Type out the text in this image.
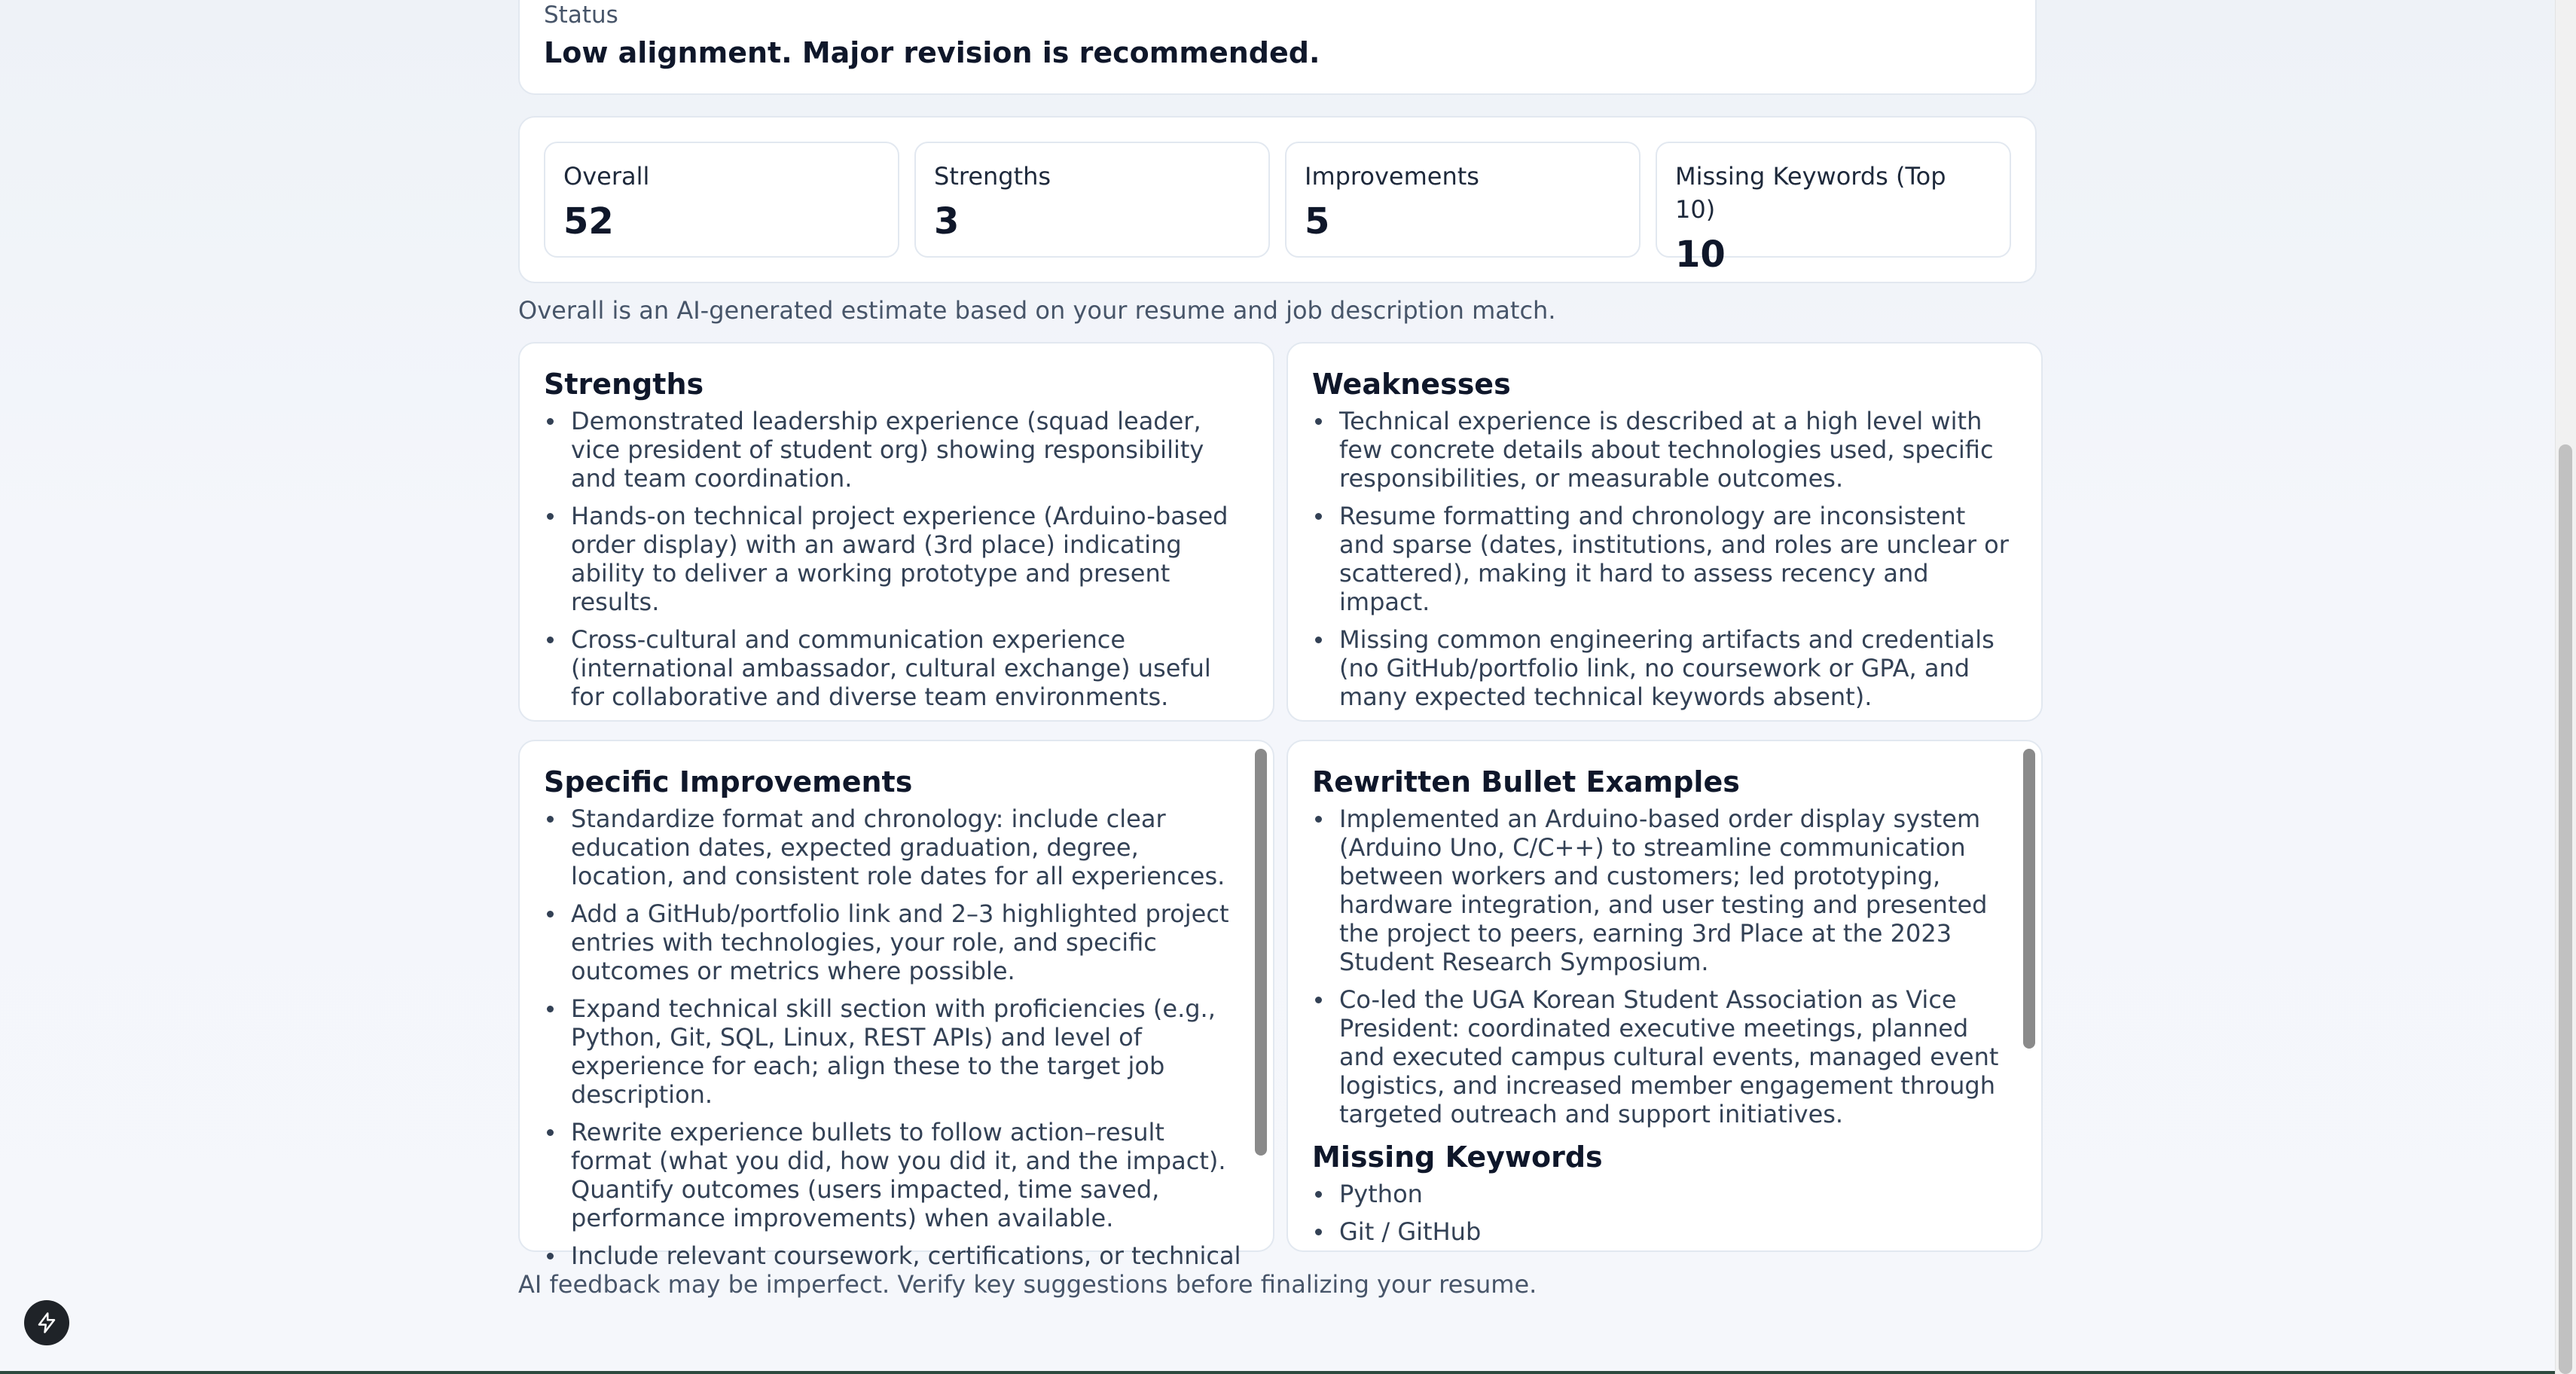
Status
Low alignment. Major revision is recommended.
Overall
52
Strengths
3
Improvements
5
Missing Keywords (Top 10)
10

Overall is an AI-generated estimate based on your resume and job description match.

Strengths
Demonstrated leadership experience (squad leader, vice president of student org) showing responsibility and team coordination.
Hands-on technical project experience (Arduino-based order display) with an award (3rd place) indicating ability to deliver a working prototype and present results.
Cross-cultural and communication experience (international ambassador, cultural exchange) useful for collaborative and diverse team environments.
Weaknesses
Technical experience is described at a high level with few concrete details about technologies used, specific responsibilities, or measurable outcomes.
Resume formatting and chronology are inconsistent and sparse (dates, institutions, and roles are unclear or scattered), making it hard to assess recency and impact.
Missing common engineering artifacts and credentials (no GitHub/portfolio link, no coursework or GPA, and many expected technical keywords absent).
Specific Improvements
Standardize format and chronology: include clear education dates, expected graduation, degree, location, and consistent role dates for all experiences.
Add a GitHub/portfolio link and 2–3 highlighted project entries with technologies, your role, and specific outcomes or metrics where possible.
Expand technical skill section with proficiencies (e.g., Python, Git, SQL, Linux, REST APIs) and level of experience for each; align these to the target job description.
Rewrite experience bullets to follow action–result format (what you did, how you did it, and the impact). Quantify outcomes (users impacted, time saved, performance improvements) when available.
Include relevant coursework, certifications, or technical
Rewritten Bullet Examples
Implemented an Arduino-based order display system (Arduino Uno, C/C++) to streamline communication between workers and customers; led prototyping, hardware integration, and user testing and presented the project to peers, earning 3rd Place at the 2023 Student Research Symposium.
Co-led the UGA Korean Student Association as Vice President: coordinated executive meetings, planned and executed campus cultural events, managed event logistics, and increased member engagement through targeted outreach and support initiatives.
Missing Keywords
Python
Git / GitHub

AI feedback may be imperfect. Verify key suggestions before finalizing your resume.
